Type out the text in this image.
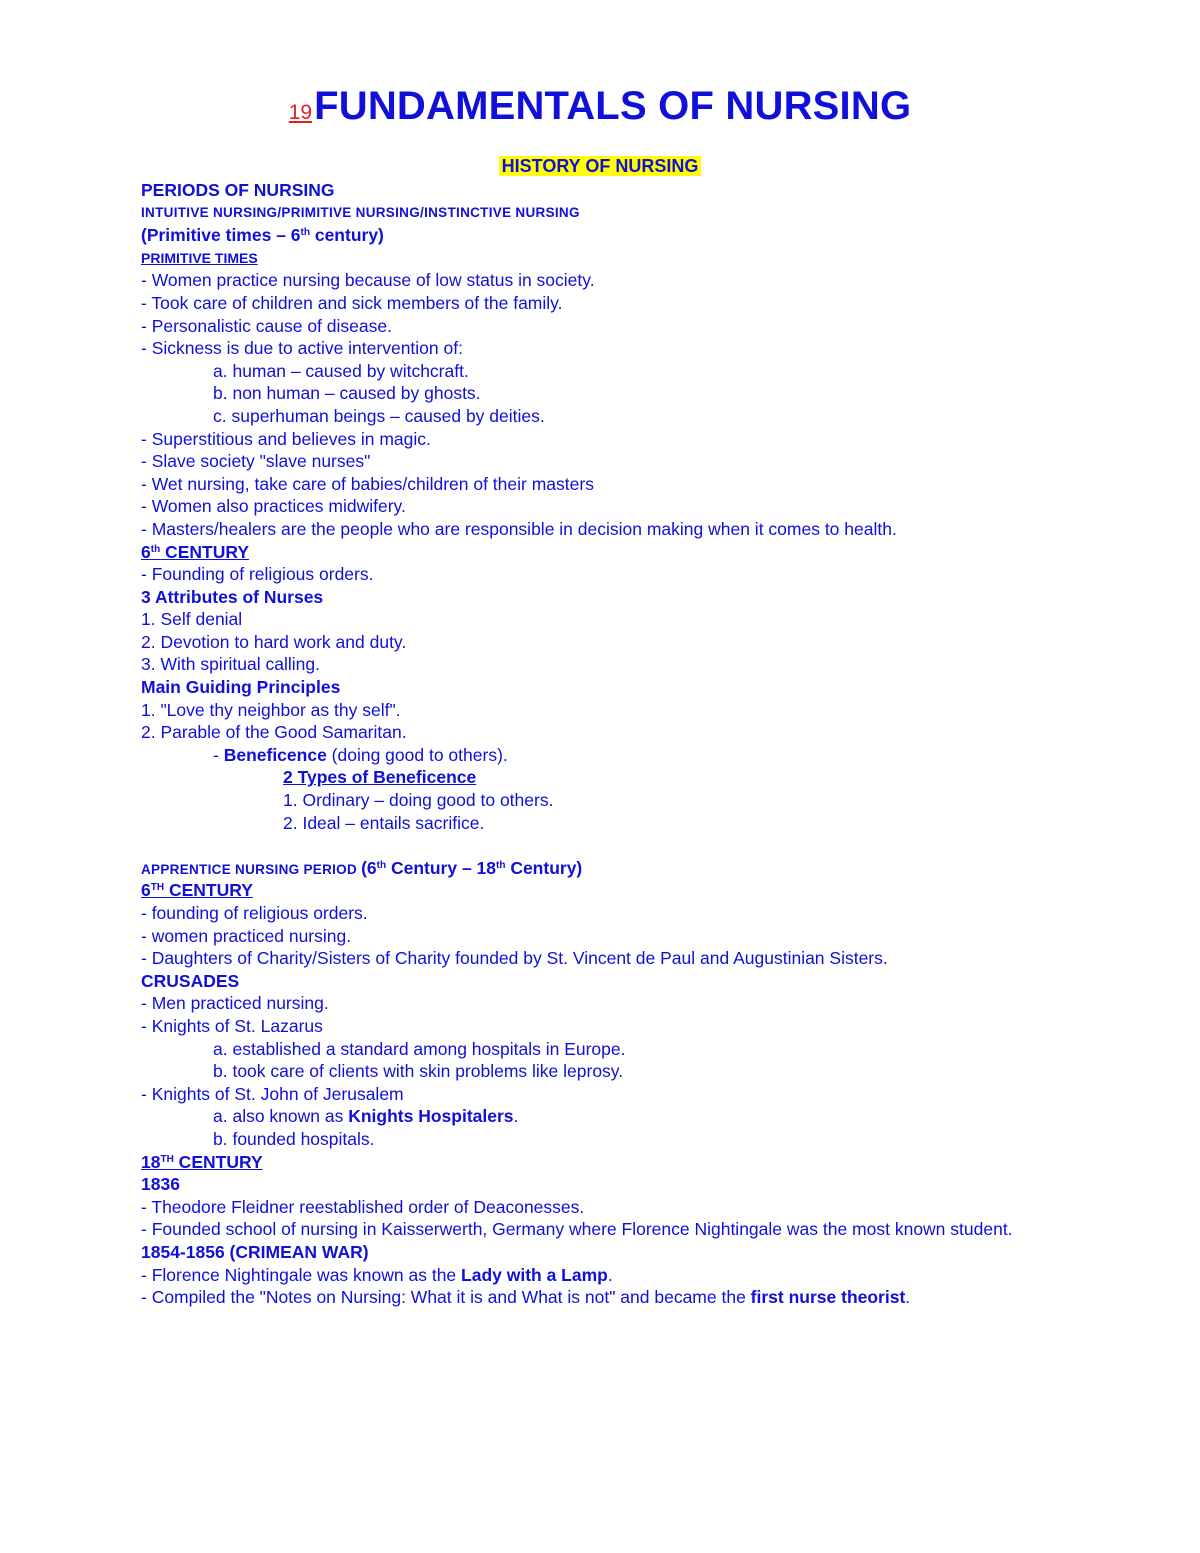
19FUNDAMENTALS OF NURSING
HISTORY OF NURSING
PERIODS OF NURSING
INTUITIVE NURSING/PRIMITIVE NURSING/INSTINCTIVE NURSING
(Primitive times – 6th century)
PRIMITIVE TIMES
- Women practice nursing because of low status in society.
- Took care of children and sick members of the family.
- Personalistic cause of disease.
- Sickness is due to active intervention of:
a. human – caused by witchcraft.
b. non human – caused by ghosts.
c. superhuman beings – caused by deities.
- Superstitious and believes in magic.
- Slave society "slave nurses"
- Wet nursing, take care of babies/children of their masters
- Women also practices midwifery.
- Masters/healers are the people who are responsible in decision making when it comes to health.
6th CENTURY
- Founding of religious orders.
3 Attributes of Nurses
1. Self denial
2. Devotion to hard work and duty.
3. With spiritual calling.
Main Guiding Principles
1. "Love thy neighbor as thy self".
2. Parable of the Good Samaritan.
- Beneficence (doing good to others).
2 Types of Beneficence
1. Ordinary – doing good to others.
2. Ideal – entails sacrifice.
APPRENTICE NURSING PERIOD (6th Century – 18th Century)
6TH CENTURY
- founding of religious orders.
- women practiced nursing.
- Daughters of Charity/Sisters of Charity founded by St. Vincent de Paul and Augustinian Sisters.
CRUSADES
- Men practiced nursing.
- Knights of St. Lazarus
a. established a standard among hospitals in Europe.
b. took care of clients with skin problems like leprosy.
- Knights of St. John of Jerusalem
a. also known as Knights Hospitalers.
b. founded hospitals.
18TH CENTURY
1836
- Theodore Fleidner reestablished order of Deaconesses.
- Founded school of nursing in Kaisserwerth, Germany where Florence Nightingale was the most known student.
1854-1856 (CRIMEAN WAR)
- Florence Nightingale was known as the Lady with a Lamp.
- Compiled the "Notes on Nursing: What it is and What is not" and became the first nurse theorist.
